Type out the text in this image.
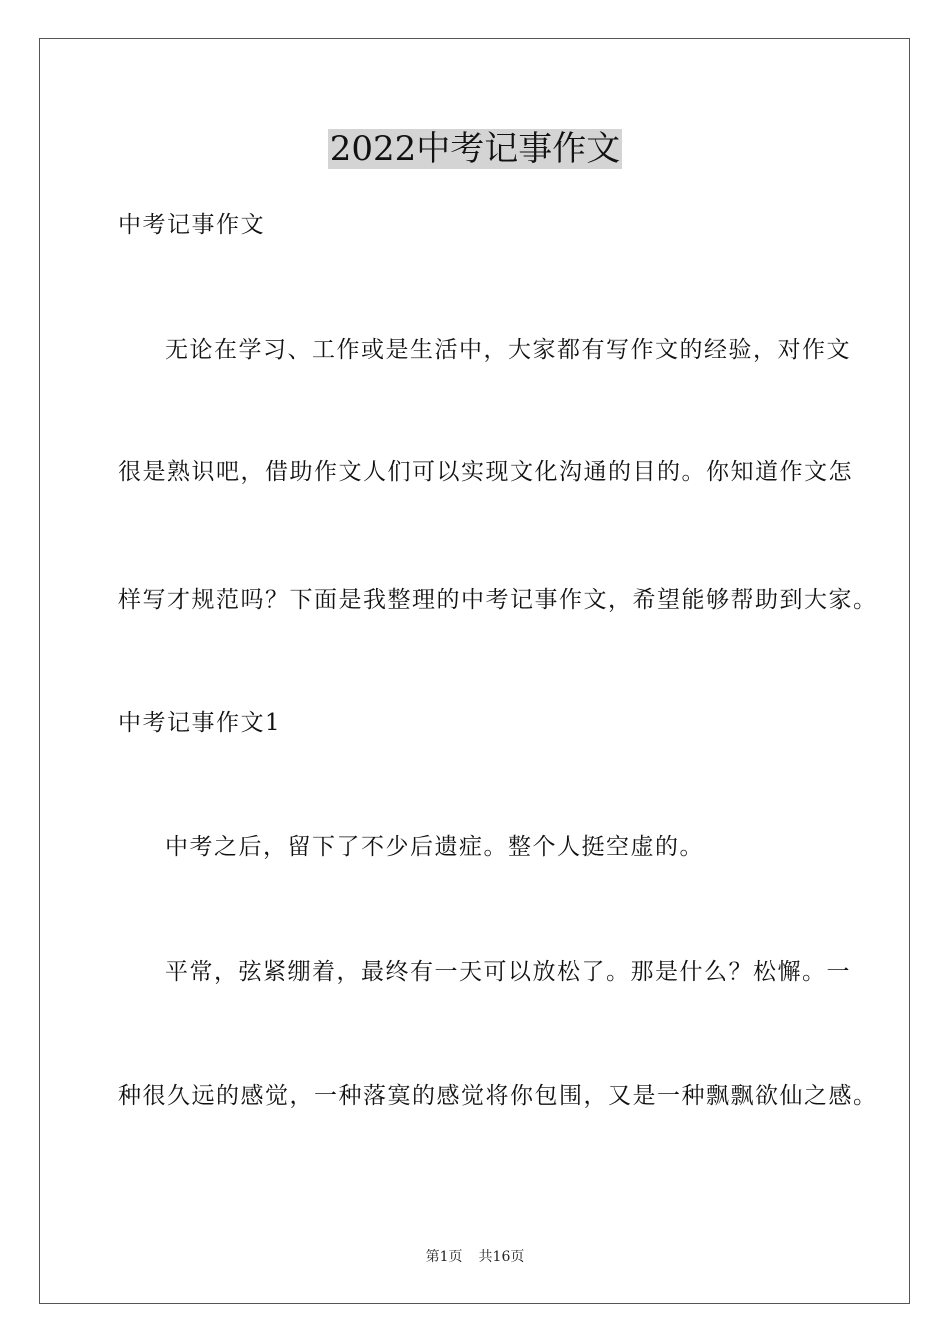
2022中考记事作文
中考记事作文
无论在学习、工作或是生活中，大家都有写作文的经验，对作文
很是熟识吧，借助作文人们可以实现文化沟通的目的。你知道作文怎
样写才规范吗？下面是我整理的中考记事作文，希望能够帮助到大家。
中考记事作文1
中考之后，留下了不少后遗症。整个人挺空虚的。
平常，弦紧绷着，最终有一天可以放松了。那是什么？松懈。一
种很久远的感觉，一种落寞的感觉将你包围，又是一种飘飘欲仙之感。
第1页 共16页
